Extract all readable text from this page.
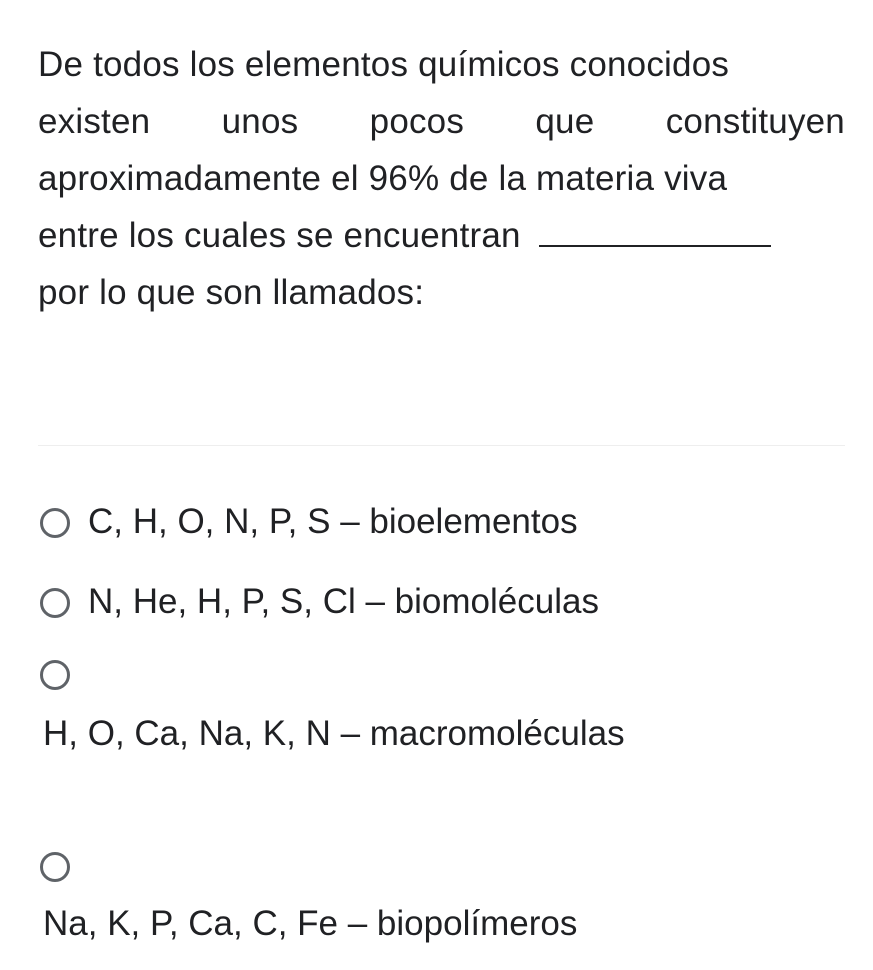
De todos los elementos químicos conocidos
existen unos pocos que constituyen
aproximadamente el 96% de la materia viva
entre los cuales se encuentran
por lo que son llamados:
C, H, O, N, P, S – bioelementos
N, He, H, P, S, Cl – biomoléculas
H, O, Ca, Na, K, N – macromoléculas
Na, K, P, Ca, C, Fe – biopolímeros
